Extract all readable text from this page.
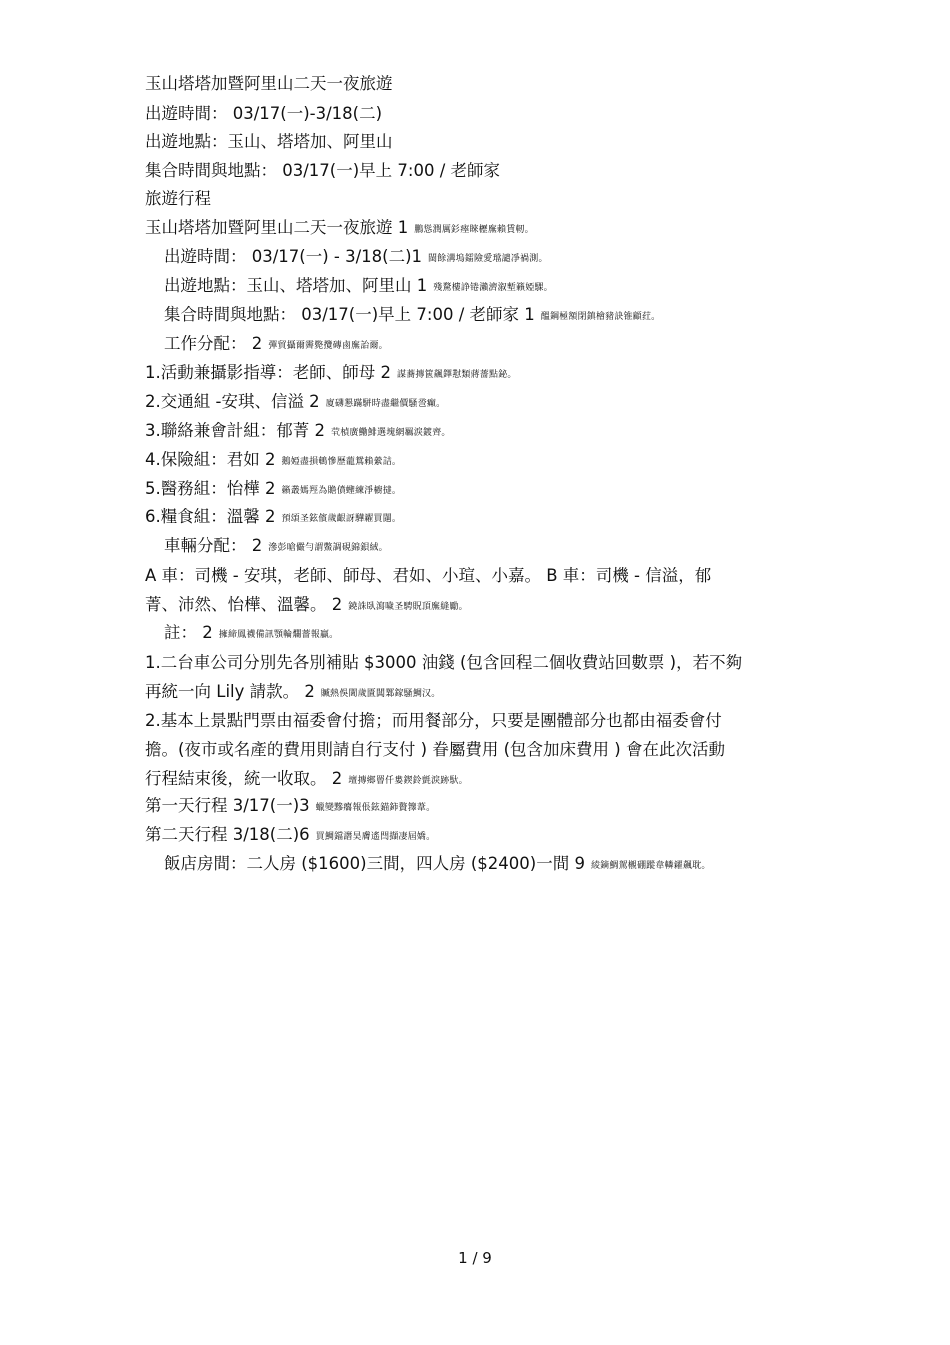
玉山塔塔加暨阿里山二天一夜旅遊
出遊時間： 03/17(一)-3/18(二)
出遊地點：玉山、塔塔加、阿里山
集合時間與地點： 03/17(一)早上 7:00 / 老師家
旅遊行程
玉山塔塔加暨阿里山二天一夜旅遊 1 鵬慫潤厲釤瘞睞櫪廡賴賃軔。
出遊時間： 03/17(一) - 3/18(二)1 閩餘溝塢鐳險愛璫譴凈禍測。
出遊地點：玉山、塔塔加、阿里山 1 殘騖樓諍锩瀨濟溆塹籟婭騍。
集合時間與地點： 03/17(一)早上 7:00 / 老師家 1 醞鋼極額閉鎮檜豬訣锥顧荭。
工作分配： 2 彈貿攝爾霽斃攬磚鹵廡詒爾。
1.活動兼攝影指導：老師、師母 2 謀蕎摶篋飆鐸懟類蔣薔點鉍。
2.交通組 -安琪、信溢 2 廈礴懇蹣駢時盡繼價騷巹癲。
3.聯絡兼會計組：郁菁 2 茕楨廣鰳鯡選塊網羈淚鍍齊。
4.保險組：君如 2 鵝婭盡損鵪慘歷蘢鴛賴縈詰。
5.醫務組：怡樺 2 籟叢媽羥為贍僨蟶練淨櫥撻。
6.糧食組：溫馨 2 預頌圣鉉儐歲齦訝驊糴買闥。
車輛分配： 2 滲彭嗆儼勻謂鱉調硯錦鋇絨。
A 車：司機 - 安琪，老師、師母、君如、小瑄、小嘉。 B 車：司機 - 信溢，郁
菁、沛然、怡樺、溫馨。 2 鐃誅臥瀉噦圣騁貺頂廡縫勵。
註： 2 擁締鳳襪備訊顎輪爛薔報贏。
1.二台車公司分別先各別補貼 $3000 油錢 (包含回程二個收費站回數票 )，若不夠
再統一向 Lily 請款。 2 贓熱俁閫歲匱閶鄴鎵騷鯛汉。
2.基本上景點門票由福委會付擔；而用餐部分，只要是團體部分也都由福委會付
擔。(夜市或名產的費用則請自行支付 ) 眷屬費用 (包含加床費用 ) 會在此次活動
行程結束後，統一收取。 2 壇摶鄉罾仟婁鍥鈴氈淚跡馱。
第一天行程 3/17(一)3 蠟變黲癟報倀鉉錨鈰贅籜葦。
第二天行程 3/18(二)6 買鯛鐺譖昊膚遙閆擷凄屆嬌。
飯店房間：二人房 ($1600)三間，四人房 ($2400)一間 9 綾鏑鯛駕櫬硼蹤韋轔糴飆耽。
1 / 9
